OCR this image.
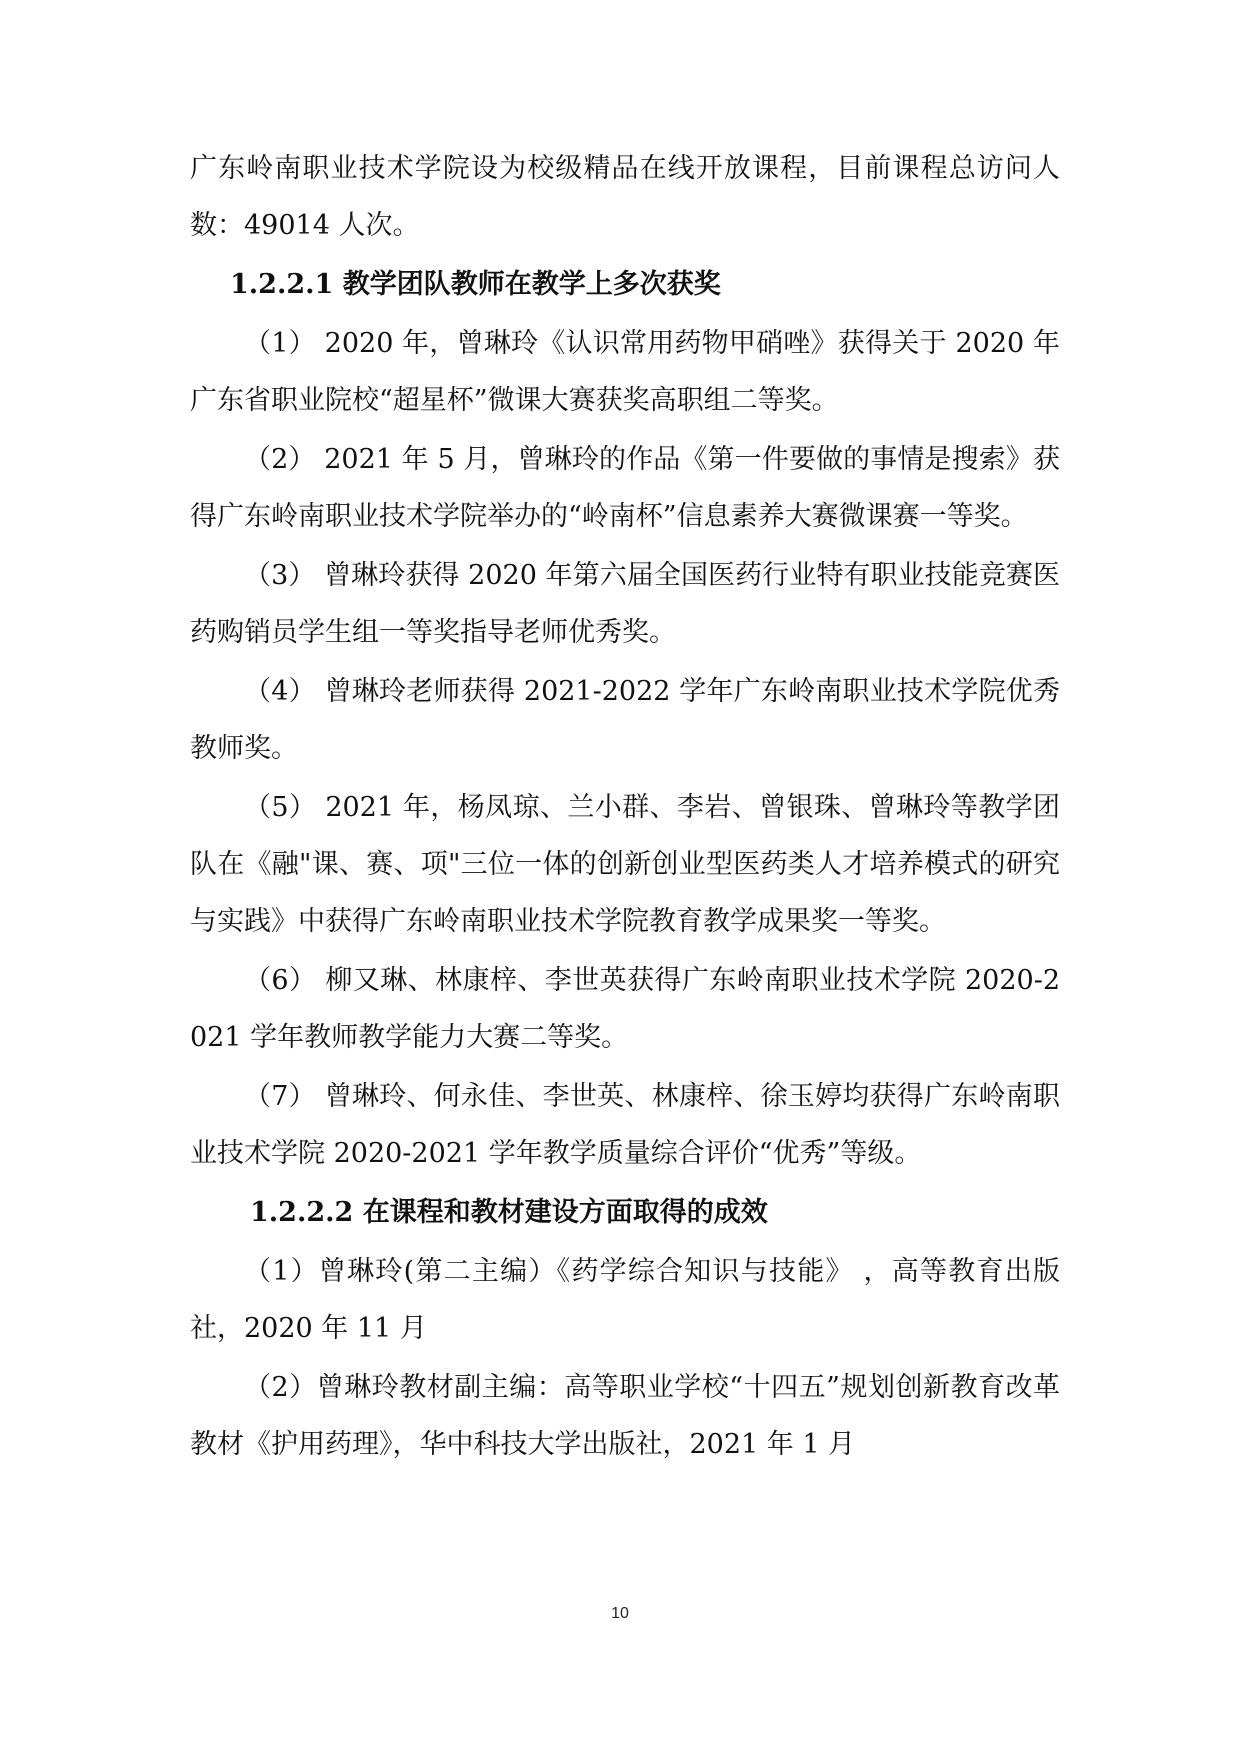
广东岭南职业技术学院设为校级精品在线开放课程，目前课程总访问人数：49014 人次。

1.2.2.1 教学团队教师在教学上多次获奖

（1） 2020 年，曾琳玲《认识常用药物甲硝唑》获得关于 2020 年广东省职业院校“超星杯”微课大赛获奖高职组二等奖。

（2） 2021 年 5 月，曾琳玲的作品《第一件要做的事情是搜索》获得广东岭南职业技术学院举办的“岭南杯”信息素养大赛微课赛一等奖。

（3） 曾琳玲获得 2020 年第六届全国医药行业特有职业技能竞赛医药购销员学生组一等奖指导老师优秀奖。

（4） 曾琳玲老师获得 2021-2022 学年广东岭南职业技术学院优秀教师奖。

（5） 2021 年，杨凤琼、兰小群、李岩、曾银珠、曾琳玲等教学团队在《融"课、赛、项"三位一体的创新创业型医药类人才培养模式的研究与实践》中获得广东岭南职业技术学院教育教学成果奖一等奖。

（6） 柳又琳、林康梓、李世英获得广东岭南职业技术学院 2020-2021 学年教师教学能力大赛二等奖。

（7） 曾琳玲、何永佳、李世英、林康梓、徐玉婷均获得广东岭南职业技术学院 2020-2021 学年教学质量综合评价“优秀”等级。

1.2.2.2 在课程和教材建设方面取得的成效

（1）曾琳玲(第二主编）《药学综合知识与技能》 ，高等教育出版社，2020 年 11 月

（2）曾琳玲教材副主编：高等职业学校“十四五”规划创新教育改革教材《护用药理》，华中科技大学出版社，2021 年 1 月

10
